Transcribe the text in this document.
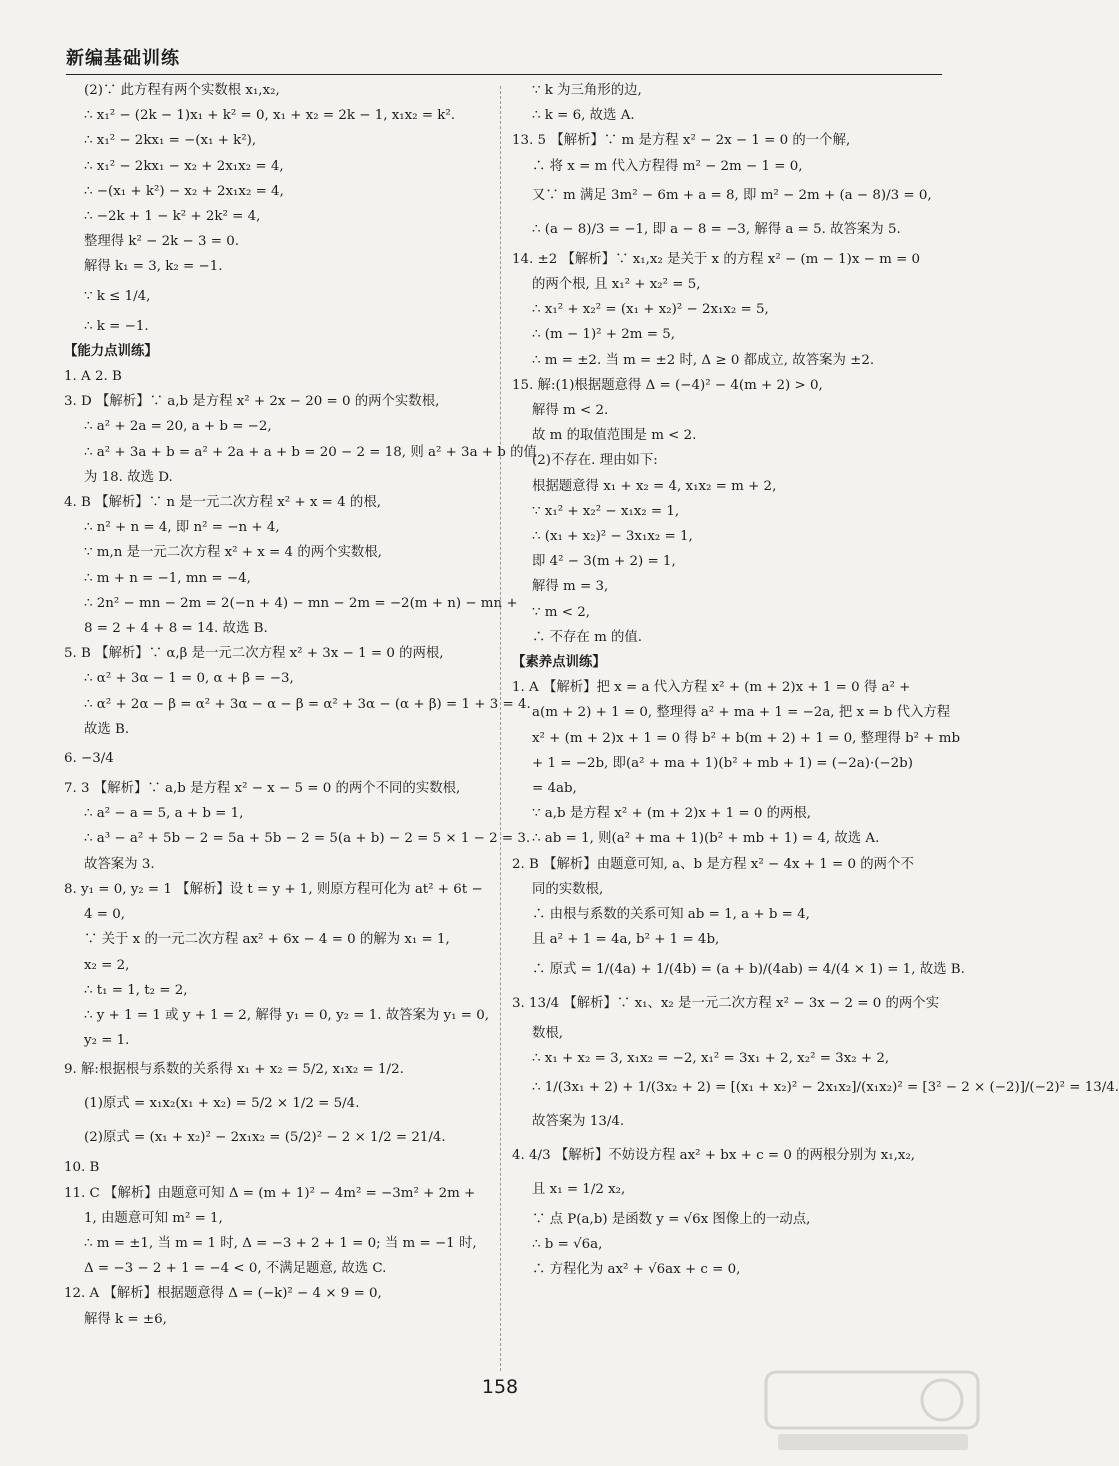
新编基础训练
(2)∵ 此方程有两个实数根 x₁,x₂,
∴ x₁² − (2k − 1)x₁ + k² = 0, x₁ + x₂ = 2k − 1, x₁x₂ = k².
∴ x₁² − 2kx₁ = −(x₁ + k²),
∴ x₁² − 2kx₁ − x₂ + 2x₁x₂ = 4,
∴ −(x₁ + k²) − x₂ + 2x₁x₂ = 4,
∴ −2k + 1 − k² + 2k² = 4,
整理得 k² − 2k − 3 = 0.
解得 k₁ = 3, k₂ = −1.
∵ k ≤ 1/4,
∴ k = −1.
【能力点训练】
1. A 2. B
3. D 【解析】∵ a,b 是方程 x² + 2x − 20 = 0 的两个实数根,
∴ a² + 2a = 20, a + b = −2,
∴ a² + 3a + b = a² + 2a + a + b = 20 − 2 = 18, 则 a² + 3a + b 的值
为 18. 故选 D.
4. B 【解析】∵ n 是一元二次方程 x² + x = 4 的根,
∴ n² + n = 4, 即 n² = −n + 4,
∵ m,n 是一元二次方程 x² + x = 4 的两个实数根,
∴ m + n = −1, mn = −4,
∴ 2n² − mn − 2m = 2(−n + 4) − mn − 2m = −2(m + n) − mn +
8 = 2 + 4 + 8 = 14. 故选 B.
5. B 【解析】∵ α,β 是一元二次方程 x² + 3x − 1 = 0 的两根,
∴ α² + 3α − 1 = 0, α + β = −3,
∴ α² + 2α − β = α² + 3α − α − β = α² + 3α − (α + β) = 1 + 3 = 4.
故选 B.
6. −3/4
7. 3 【解析】∵ a,b 是方程 x² − x − 5 = 0 的两个不同的实数根,
∴ a² − a = 5, a + b = 1,
∴ a³ − a² + 5b − 2 = 5a + 5b − 2 = 5(a + b) − 2 = 5 × 1 − 2 = 3.
故答案为 3.
8. y₁ = 0, y₂ = 1 【解析】设 t = y + 1, 则原方程可化为 at² + 6t −
4 = 0,
∵ 关于 x 的一元二次方程 ax² + 6x − 4 = 0 的解为 x₁ = 1,
x₂ = 2,
∴ t₁ = 1, t₂ = 2,
∴ y + 1 = 1 或 y + 1 = 2, 解得 y₁ = 0, y₂ = 1. 故答案为 y₁ = 0,
y₂ = 1.
9. 解:根据根与系数的关系得 x₁ + x₂ = 5/2, x₁x₂ = 1/2.
(1)原式 = x₁x₂(x₁ + x₂) = 5/2 × 1/2 = 5/4.
(2)原式 = (x₁ + x₂)² − 2x₁x₂ = (5/2)² − 2 × 1/2 = 21/4.
10. B
11. C 【解析】由题意可知 Δ = (m + 1)² − 4m² = −3m² + 2m +
1, 由题意可知 m² = 1,
∴ m = ±1, 当 m = 1 时, Δ = −3 + 2 + 1 = 0; 当 m = −1 时,
Δ = −3 − 2 + 1 = −4 < 0, 不满足题意, 故选 C.
12. A 【解析】根据题意得 Δ = (−k)² − 4 × 9 = 0,
解得 k = ±6,
∵ k 为三角形的边,
∴ k = 6, 故选 A.
13. 5 【解析】∵ m 是方程 x² − 2x − 1 = 0 的一个解,
∴ 将 x = m 代入方程得 m² − 2m − 1 = 0,
又∵ m 满足 3m² − 6m + a = 8, 即 m² − 2m + (a − 8)/3 = 0,
∴ (a − 8)/3 = −1, 即 a − 8 = −3, 解得 a = 5. 故答案为 5.
14. ±2 【解析】∵ x₁,x₂ 是关于 x 的方程 x² − (m − 1)x − m = 0
的两个根, 且 x₁² + x₂² = 5,
∴ x₁² + x₂² = (x₁ + x₂)² − 2x₁x₂ = 5,
∴ (m − 1)² + 2m = 5,
∴ m = ±2. 当 m = ±2 时, Δ ≥ 0 都成立, 故答案为 ±2.
15. 解:(1)根据题意得 Δ = (−4)² − 4(m + 2) > 0,
解得 m < 2.
故 m 的取值范围是 m < 2.
(2)不存在. 理由如下:
根据题意得 x₁ + x₂ = 4, x₁x₂ = m + 2,
∵ x₁² + x₂² − x₁x₂ = 1,
∴ (x₁ + x₂)² − 3x₁x₂ = 1,
即 4² − 3(m + 2) = 1,
解得 m = 3,
∵ m < 2,
∴ 不存在 m 的值.
【素养点训练】
1. A 【解析】把 x = a 代入方程 x² + (m + 2)x + 1 = 0 得 a² +
a(m + 2) + 1 = 0, 整理得 a² + ma + 1 = −2a, 把 x = b 代入方程
x² + (m + 2)x + 1 = 0 得 b² + b(m + 2) + 1 = 0, 整理得 b² + mb
+ 1 = −2b, 即(a² + ma + 1)(b² + mb + 1) = (−2a)·(−2b)
= 4ab,
∵ a,b 是方程 x² + (m + 2)x + 1 = 0 的两根,
∴ ab = 1, 则(a² + ma + 1)(b² + mb + 1) = 4, 故选 A.
2. B 【解析】由题意可知, a、b 是方程 x² − 4x + 1 = 0 的两个不
同的实数根,
∴ 由根与系数的关系可知 ab = 1, a + b = 4,
且 a² + 1 = 4a, b² + 1 = 4b,
∴ 原式 = 1/(4a) + 1/(4b) = (a + b)/(4ab) = 4/(4 × 1) = 1, 故选 B.
3. 13/4 【解析】∵ x₁、x₂ 是一元二次方程 x² − 3x − 2 = 0 的两个实
数根,
∴ x₁ + x₂ = 3, x₁x₂ = −2, x₁² = 3x₁ + 2, x₂² = 3x₂ + 2,
∴ 1/(3x₁ + 2) + 1/(3x₂ + 2) = [(x₁ + x₂)² − 2x₁x₂]/(x₁x₂)² = [3² − 2 × (−2)]/(−2)² = 13/4.
故答案为 13/4.
4. 4/3 【解析】不妨设方程 ax² + bx + c = 0 的两根分别为 x₁,x₂,
且 x₁ = 1/2 x₂,
∵ 点 P(a,b) 是函数 y = √6x 图像上的一动点,
∴ b = √6a,
∴ 方程化为 ax² + √6ax + c = 0,
158
